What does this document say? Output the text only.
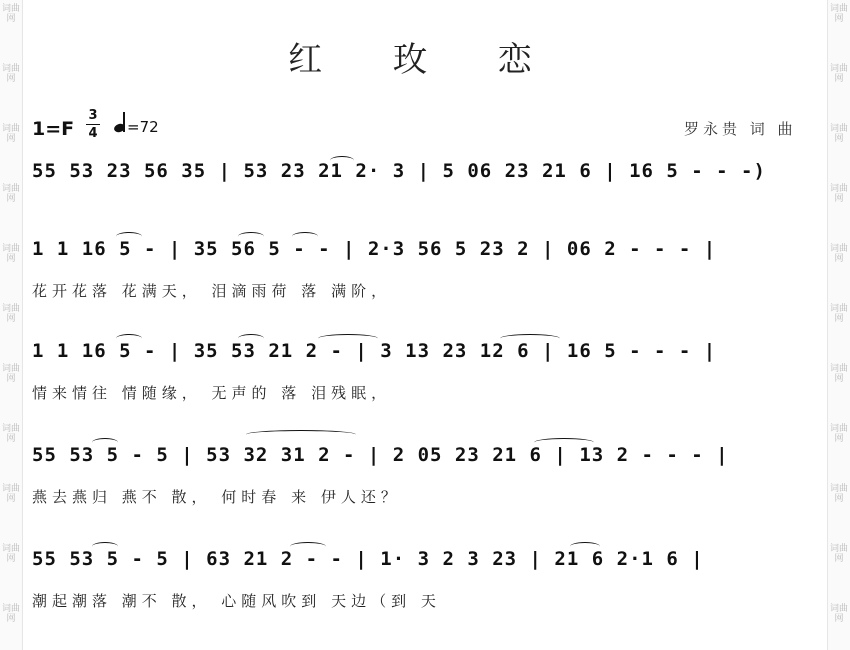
词曲网
词曲网
词曲网
词曲网
词曲网
词曲网
词曲网
词曲网
词曲网
词曲网
词曲网
词曲网
词曲网
词曲网
词曲网
词曲网
词曲网
词曲网
词曲网
词曲网
词曲网
词曲网
红 玫 恋
1=F
3
4	=72	罗永贵 词 曲
55 53 23 56 35 | 53 23 21 2· 3 | 5 06 23 21 6 | 16 5 - - -)
1 1 16 5 - | 35 56 5 - - | 2·3 56 5 23 2 | 06 2 - - - |
花开花落 花满天， 泪滴雨荷 落 满阶，
1 1 16 5 - | 35 53 21 2 - | 3 13 23 12 6 | 16 5 - - - |
情来情往 情随缘， 无声的 落 泪残眠，
55 53 5 - 5 | 53 32 31 2 - | 2 05 23 21 6 | 13 2 - - - |
燕去燕归 燕不 散， 何时春 来 伊人还？
55 53 5 - 5 | 63 21 2 - - | 1· 3 2 3 23 | 21 6 2·1 6 |
潮起潮落 潮不 散， 心随风吹到 天边（到 天
